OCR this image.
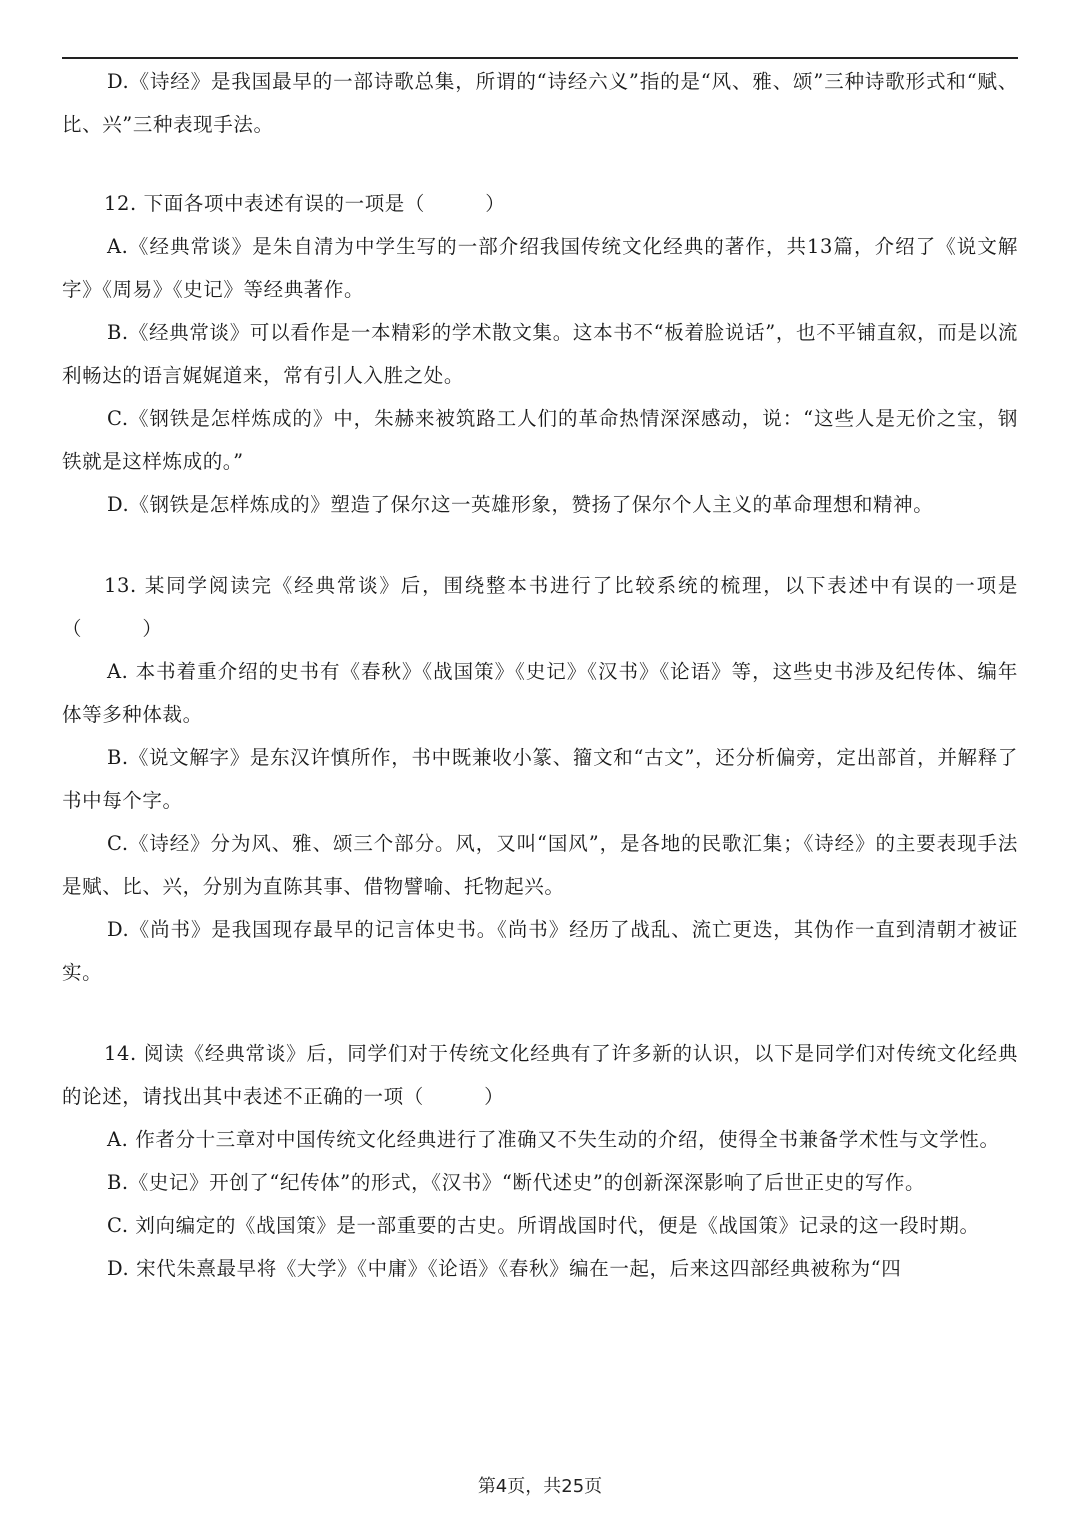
D.《诗经》是我国最早的一部诗歌总集，所谓的“诗经六义”指的是“风、雅、颂”三种诗歌形式和“赋、比、兴”三种表现手法。

12. 下面各项中表述有误的一项是（　　　）

A.《经典常谈》是朱自清为中学生写的一部介绍我国传统文化经典的著作，共13篇，介绍了《说文解字》《周易》《史记》等经典著作。

B.《经典常谈》可以看作是一本精彩的学术散文集。这本书不“板着脸说话”，也不平铺直叙，而是以流利畅达的语言娓娓道来，常有引人入胜之处。

C.《钢铁是怎样炼成的》中，朱赫来被筑路工人们的革命热情深深感动，说：“这些人是无价之宝，钢铁就是这样炼成的。”

D.《钢铁是怎样炼成的》塑造了保尔这一英雄形象，赞扬了保尔个人主义的革命理想和精神。

13. 某同学阅读完《经典常谈》后，围绕整本书进行了比较系统的梳理，以下表述中有误的一项是（　　　）

A. 本书着重介绍的史书有《春秋》《战国策》《史记》《汉书》《论语》等，这些史书涉及纪传体、编年体等多种体裁。

B.《说文解字》是东汉许慎所作，书中既兼收小篆、籀文和“古文”，还分析偏旁，定出部首，并解释了书中每个字。

C.《诗经》分为风、雅、颂三个部分。风，又叫“国风”，是各地的民歌汇集；《诗经》的主要表现手法是赋、比、兴，分别为直陈其事、借物譬喻、托物起兴。

D.《尚书》是我国现存最早的记言体史书。《尚书》经历了战乱、流亡更迭，其伪作一直到清朝才被证实。

14. 阅读《经典常谈》后，同学们对于传统文化经典有了许多新的认识，以下是同学们对传统文化经典的论述，请找出其中表述不正确的一项（　　　）

A. 作者分十三章对中国传统文化经典进行了准确又不失生动的介绍，使得全书兼备学术性与文学性。

B.《史记》开创了“纪传体”的形式，《汉书》“断代述史”的创新深深影响了后世正史的写作。

C. 刘向编定的《战国策》是一部重要的古史。所谓战国时代，便是《战国策》记录的这一段时期。

D. 宋代朱熹最早将《大学》《中庸》《论语》《春秋》编在一起，后来这四部经典被称为“四

第4页，共25页
